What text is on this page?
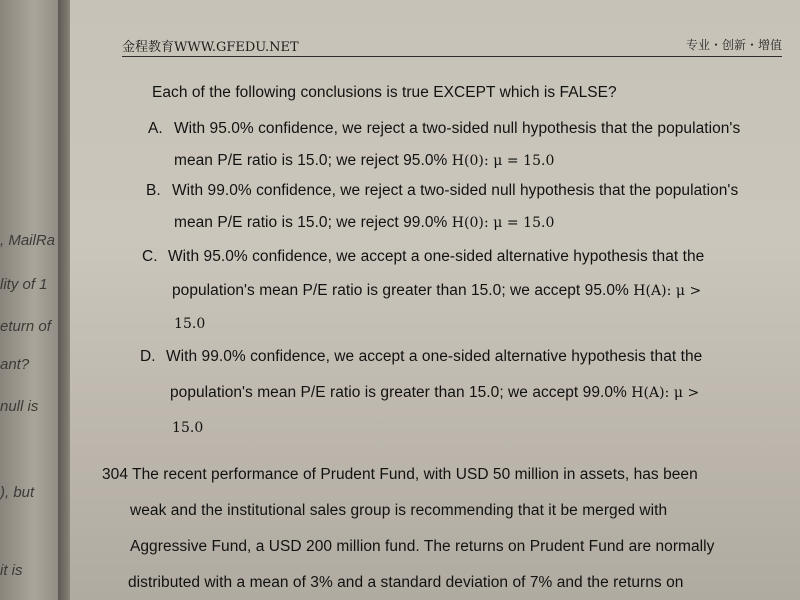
, MailRa
lity of 1
eturn of
ant?
null is
), but
it is
金程教育WWW.GFEDU.NET	专业・创新・增值
Each of the following conclusions is true EXCEPT which is FALSE?
A. With 95.0% confidence, we reject a two-sided null hypothesis that the population's
mean P/E ratio is 15.0; we reject 95.0% H(0): μ = 15.0
B. With 99.0% confidence, we reject a two-sided null hypothesis that the population's
mean P/E ratio is 15.0; we reject 99.0% H(0): μ = 15.0
C. With 95.0% confidence, we accept a one-sided alternative hypothesis that the
population's mean P/E ratio is greater than 15.0; we accept 95.0% H(A): μ >
15.0
D. With 99.0% confidence, we accept a one-sided alternative hypothesis that the
population's mean P/E ratio is greater than 15.0; we accept 99.0% H(A): μ >
15.0
304 The recent performance of Prudent Fund, with USD 50 million in assets, has been
weak and the institutional sales group is recommending that it be merged with
Aggressive Fund, a USD 200 million fund. The returns on Prudent Fund are normally
distributed with a mean of 3% and a standard deviation of 7% and the returns on
